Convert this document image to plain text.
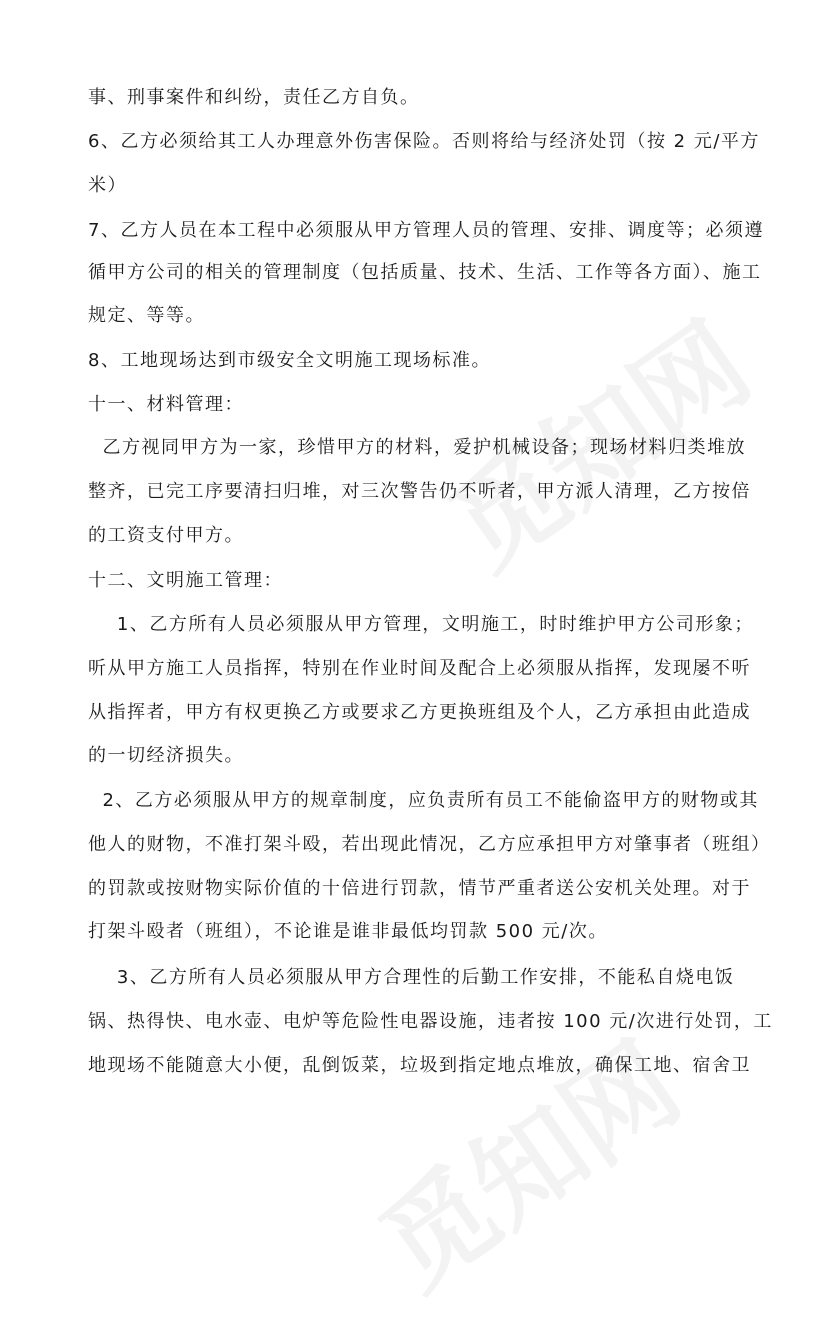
事、刑事案件和纠纷，责任乙方自负。
6、乙方必须给其工人办理意外伤害保险。否则将给与经济处罚（按 2 元/平方
米）
7、乙方人员在本工程中必须服从甲方管理人员的管理、安排、调度等；必须遵
循甲方公司的相关的管理制度（包括质量、技术、生活、工作等各方面）、施工
规定、等等。
8、工地现场达到市级安全文明施工现场标准。
十一、材料管理：
乙方视同甲方为一家，珍惜甲方的材料，爱护机械设备；现场材料归类堆放
整齐，已完工序要清扫归堆，对三次警告仍不听者，甲方派人清理，乙方按倍
的工资支付甲方。
十二、文明施工管理：
1、乙方所有人员必须服从甲方管理，文明施工，时时维护甲方公司形象；
听从甲方施工人员指挥，特别在作业时间及配合上必须服从指挥，发现屡不听
从指挥者，甲方有权更换乙方或要求乙方更换班组及个人，乙方承担由此造成
的一切经济损失。
2、乙方必须服从甲方的规章制度，应负责所有员工不能偷盗甲方的财物或其
他人的财物，不准打架斗殴，若出现此情况，乙方应承担甲方对肇事者（班组）
的罚款或按财物实际价值的十倍进行罚款，情节严重者送公安机关处理。对于
打架斗殴者（班组），不论谁是谁非最低均罚款 500 元/次。
3、乙方所有人员必须服从甲方合理性的后勤工作安排，不能私自烧电饭
锅、热得快、电水壶、电炉等危险性电器设施，违者按 100 元/次进行处罚，工
地现场不能随意大小便，乱倒饭菜，垃圾到指定地点堆放，确保工地、宿舍卫
